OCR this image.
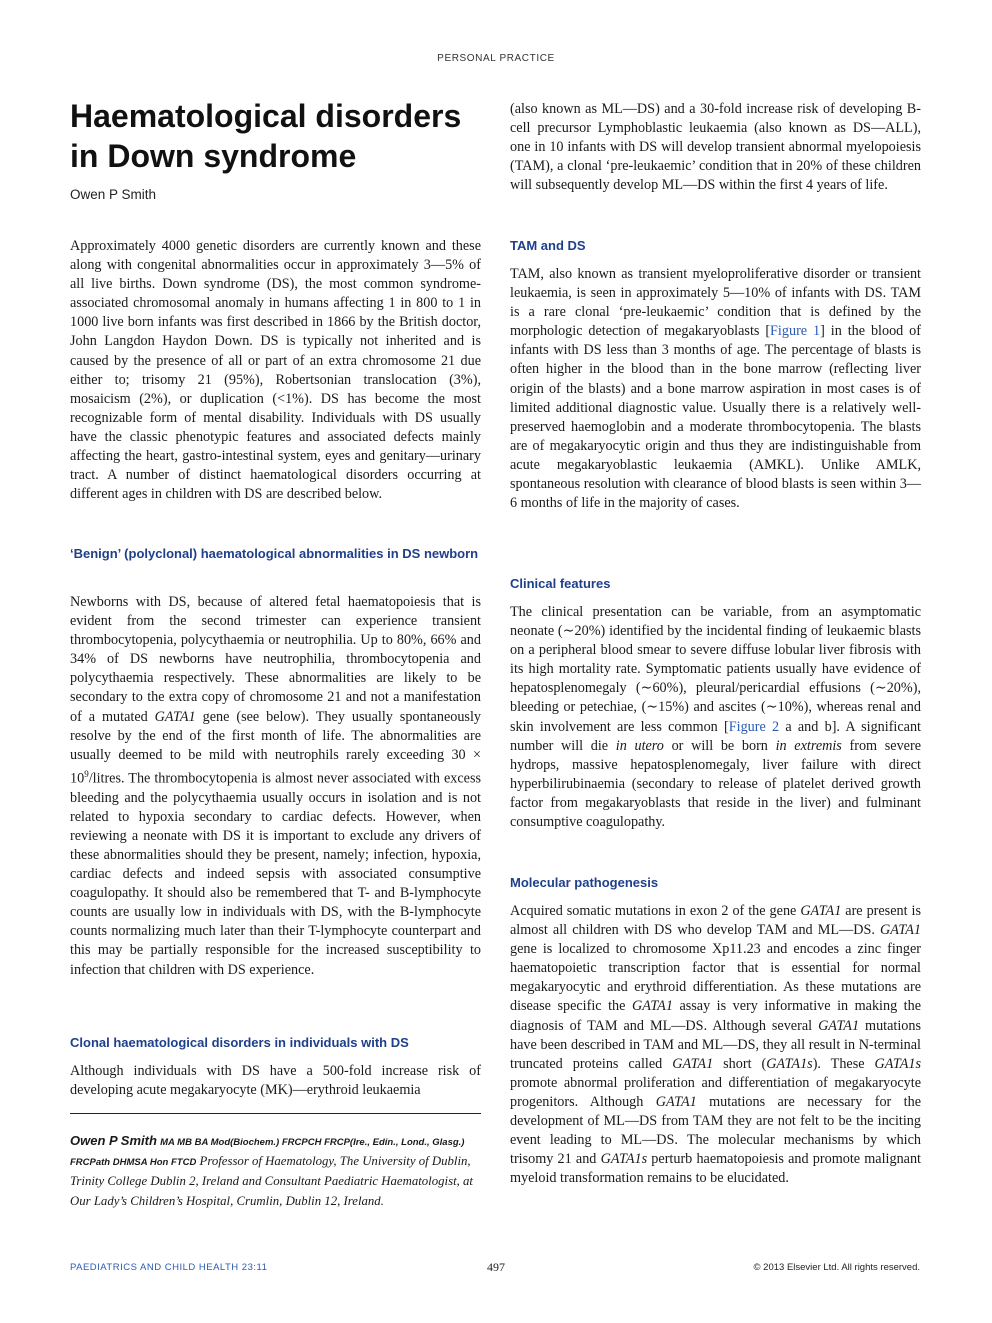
PERSONAL PRACTICE
Haematological disorders in Down syndrome

Owen P Smith

Approximately 4000 genetic disorders are currently known and these along with congenital abnormalities occur in approximately 3—5% of all live births. Down syndrome (DS), the most common syndrome-associated chromosomal anomaly in humans affecting 1 in 800 to 1 in 1000 live born infants was first described in 1866 by the British doctor, John Langdon Haydon Down. DS is typically not inherited and is caused by the presence of all or part of an extra chromosome 21 due either to; trisomy 21 (95%), Robertsonian translocation (3%), mosaicism (2%), or duplication (<1%). DS has become the most recognizable form of mental disability. Individuals with DS usually have the classic phenotypic features and associated defects mainly affecting the heart, gastro-intestinal system, eyes and genitary—urinary tract. A number of distinct haematological disorders occurring at different ages in children with DS are described below.

‘Benign’ (polyclonal) haematological abnormalities in DS newborn

Newborns with DS, because of altered fetal haematopoiesis that is evident from the second trimester can experience transient thrombocytopenia, polycythaemia or neutrophilia. Up to 80%, 66% and 34% of DS newborns have neutrophilia, thrombocytopenia and polycythaemia respectively. These abnormalities are likely to be secondary to the extra copy of chromosome 21 and not a manifestation of a mutated GATA1 gene (see below). They usually spontaneously resolve by the end of the first month of life. The abnormalities are usually deemed to be mild with neutrophils rarely exceeding $30 \times 10^9$/litres. The thrombocytopenia is almost never associated with excess bleeding and the polycythaemia usually occurs in isolation and is not related to hypoxia secondary to cardiac defects. However, when reviewing a neonate with DS it is important to exclude any drivers of these abnormalities should they be present, namely; infection, hypoxia, cardiac defects and indeed sepsis with associated consumptive coagulopathy. It should also be remembered that T- and B-lymphocyte counts are usually low in individuals with DS, with the B-lymphocyte counts normalizing much later than their T-lymphocyte counterpart and this may be partially responsible for the increased susceptibility to infection that children with DS experience.

Clonal haematological disorders in individuals with DS

Although individuals with DS have a 500-fold increase risk of developing acute megakaryocyte (MK)—erythroid leukaemia

Owen P Smith MA MB BA Mod(Biochem.) FRCPCH FRCP(Ire., Edin., Lond., Glasg.)
FRCPath DHMSA Hon FTCD Professor of Haematology, The University of Dublin, Trinity College Dublin 2, Ireland and Consultant Paediatric Haematologist, at Our Lady’s Children’s Hospital, Crumlin, Dublin 12, Ireland.

(also known as ML—DS) and a 30-fold increase risk of developing B-cell precursor Lymphoblastic leukaemia (also known as DS—ALL), one in 10 infants with DS will develop transient abnormal myelopoiesis (TAM), a clonal ‘pre-leukaemic’ condition that in 20% of these children will subsequently develop ML—DS within the first 4 years of life.

TAM and DS

TAM, also known as transient myeloproliferative disorder or transient leukaemia, is seen in approximately 5—10% of infants with DS. TAM is a rare clonal ‘pre-leukaemic’ condition that is defined by the morphologic detection of megakaryoblasts [Figure 1] in the blood of infants with DS less than 3 months of age. The percentage of blasts is often higher in the blood than in the bone marrow (reflecting liver origin of the blasts) and a bone marrow aspiration in most cases is of limited additional diagnostic value. Usually there is a relatively well-preserved haemoglobin and a moderate thrombocytopenia. The blasts are of megakaryocytic origin and thus they are indistinguishable from acute megakaryoblastic leukaemia (AMKL). Unlike AMLK, spontaneous resolution with clearance of blood blasts is seen within 3—6 months of life in the majority of cases.

Clinical features

The clinical presentation can be variable, from an asymptomatic neonate (∼20%) identified by the incidental finding of leukaemic blasts on a peripheral blood smear to severe diffuse lobular liver fibrosis with its high mortality rate. Symptomatic patients usually have evidence of hepatosplenomegaly (∼60%), pleural/pericardial effusions (∼20%), bleeding or petechiae, (∼15%) and ascites (∼10%), whereas renal and skin involvement are less common [Figure 2 a and b]. A significant number will die in utero or will be born in extremis from severe hydrops, massive hepatosplenomegaly, liver failure with direct hyperbilirubinaemia (secondary to release of platelet derived growth factor from megakaryoblasts that reside in the liver) and fulminant consumptive coagulopathy.

Molecular pathogenesis

Acquired somatic mutations in exon 2 of the gene GATA1 are present is almost all children with DS who develop TAM and ML—DS. GATA1 gene is localized to chromosome Xp11.23 and encodes a zinc finger haematopoietic transcription factor that is essential for normal megakaryocytic and erythroid differentiation. As these mutations are disease specific the GATA1 assay is very informative in making the diagnosis of TAM and ML—DS. Although several GATA1 mutations have been described in TAM and ML—DS, they all result in N-terminal truncated proteins called GATA1 short (GATA1s). These GATA1s promote abnormal proliferation and differentiation of megakaryocyte progenitors. Although GATA1 mutations are necessary for the development of ML—DS from TAM they are not felt to be the inciting event leading to ML—DS. The molecular mechanisms by which trisomy 21 and GATA1s perturb haematopoiesis and promote malignant myeloid transformation remains to be elucidated.

PAEDIATRICS AND CHILD HEALTH 23:11	497	© 2013 Elsevier Ltd. All rights reserved.
